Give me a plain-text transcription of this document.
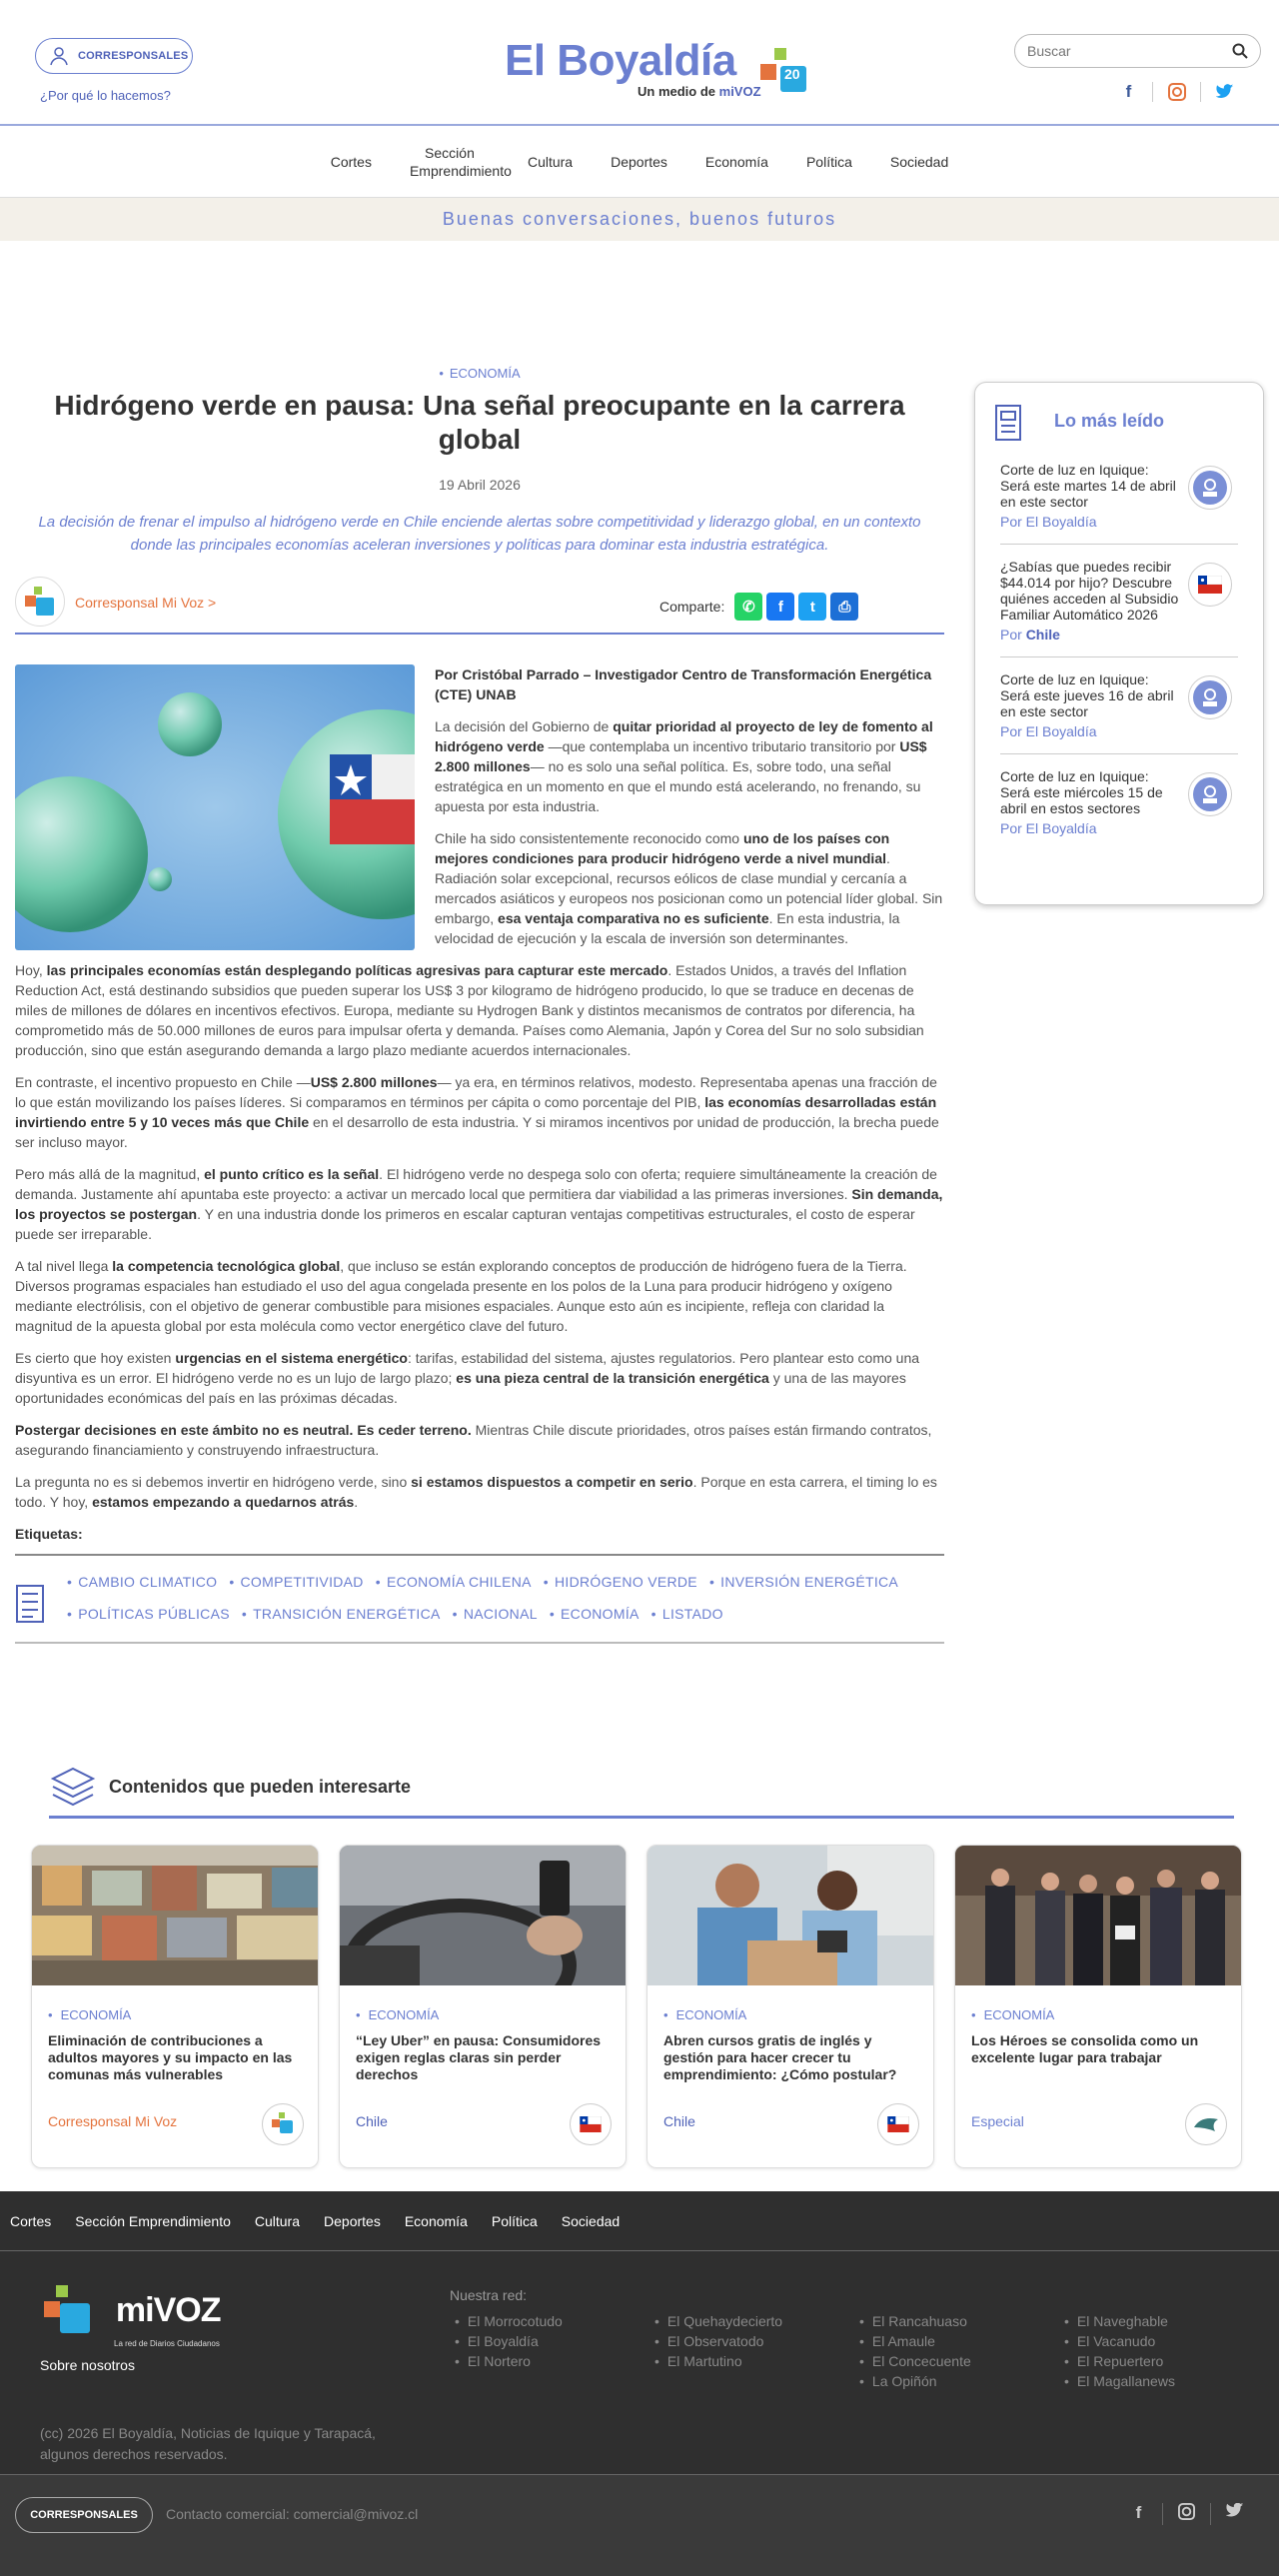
CORRESPONSALES
¿Por qué lo hacemos?
El Boyaldía
Un medio de miVOZ
20
Buscar
f
Cortes
Sección
Emprendimiento
Cultura	Deportes	Economía	Política	Sociedad
Buenas conversaciones, buenos futuros
• ECONOMÍA
Hidrógeno verde en pausa: Una señal preocupante en la carrera global
19 Abril 2026
La decisión de frenar el impulso al hidrógeno verde en Chile enciende alertas sobre competitividad y liderazgo global, en un contexto donde las principales economías aceleran inversiones y políticas para dominar esta industria estratégica.
Corresponsal Mi Voz >	Comparte:	✆	f	t	⎙

Por Cristóbal Parrado – Investigador Centro de Transformación Energética (CTE) UNAB

La decisión del Gobierno de quitar prioridad al proyecto de ley de fomento al hidrógeno verde —que contemplaba un incentivo tributario transitorio por US$ 2.800 millones— no es solo una señal política. Es, sobre todo, una señal estratégica en un momento en que el mundo está acelerando, no frenando, su apuesta por esta industria.

Chile ha sido consistentemente reconocido como uno de los países con mejores condiciones para producir hidrógeno verde a nivel mundial. Radiación solar excepcional, recursos eólicos de clase mundial y cercanía a mercados asiáticos y europeos nos posicionan como un potencial líder global. Sin embargo, esa ventaja comparativa no es suficiente. En esta industria, la velocidad de ejecución y la escala de inversión son determinantes.

Hoy, las principales economías están desplegando políticas agresivas para capturar este mercado. Estados Unidos, a través del Inflation Reduction Act, está destinando subsidios que pueden superar los US$ 3 por kilogramo de hidrógeno producido, lo que se traduce en decenas de miles de millones de dólares en incentivos efectivos. Europa, mediante su Hydrogen Bank y distintos mecanismos de contratos por diferencia, ha comprometido más de 50.000 millones de euros para impulsar oferta y demanda. Países como Alemania, Japón y Corea del Sur no solo subsidian producción, sino que están asegurando demanda a largo plazo mediante acuerdos internacionales.

En contraste, el incentivo propuesto en Chile —US$ 2.800 millones— ya era, en términos relativos, modesto. Representaba apenas una fracción de lo que están movilizando los países líderes. Si comparamos en términos per cápita o como porcentaje del PIB, las economías desarrolladas están invirtiendo entre 5 y 10 veces más que Chile en el desarrollo de esta industria. Y si miramos incentivos por unidad de producción, la brecha puede ser incluso mayor.

Pero más allá de la magnitud, el punto crítico es la señal. El hidrógeno verde no despega solo con oferta; requiere simultáneamente la creación de demanda. Justamente ahí apuntaba este proyecto: a activar un mercado local que permitiera dar viabilidad a las primeras inversiones. Sin demanda, los proyectos se postergan. Y en una industria donde los primeros en escalar capturan ventajas competitivas estructurales, el costo de esperar puede ser irreparable.

A tal nivel llega la competencia tecnológica global, que incluso se están explorando conceptos de producción de hidrógeno fuera de la Tierra. Diversos programas espaciales han estudiado el uso del agua congelada presente en los polos de la Luna para producir hidrógeno y oxígeno mediante electrólisis, con el objetivo de generar combustible para misiones espaciales. Aunque esto aún es incipiente, refleja con claridad la magnitud de la apuesta global por esta molécula como vector energético clave del futuro.

Es cierto que hoy existen urgencias en el sistema energético: tarifas, estabilidad del sistema, ajustes regulatorios. Pero plantear esto como una disyuntiva es un error. El hidrógeno verde no es un lujo de largo plazo; es una pieza central de la transición energética y una de las mayores oportunidades económicas del país en las próximas décadas.

Postergar decisiones en este ámbito no es neutral. Es ceder terreno. Mientras Chile discute prioridades, otros países están firmando contratos, asegurando financiamiento y construyendo infraestructura.

La pregunta no es si debemos invertir en hidrógeno verde, sino si estamos dispuestos a competir en serio. Porque en esta carrera, el timing lo es todo. Y hoy, estamos empezando a quedarnos atrás.

Etiquetas:
• CAMBIO CLIMATICO	• COMPETITIVIDAD	• ECONOMÍA CHILENA	• HIDRÓGENO VERDE	• INVERSIÓN ENERGÉTICA
• POLÍTICAS PÚBLICAS	• TRANSICIÓN ENERGÉTICA	• NACIONAL	• ECONOMÍA	• LISTADO
Lo más leído
Corte de luz en Iquique: Será este martes 14 de abril en este sector
Por El Boyaldía
¿Sabías que puedes recibir $44.014 por hijo? Descubre quiénes acceden al Subsidio Familiar Automático 2026
Por Chile
Corte de luz en Iquique: Será este jueves 16 de abril en este sector
Por El Boyaldía
Corte de luz en Iquique: Será este miércoles 15 de abril en estos sectores
Por El Boyaldía
Contenidos que pueden interesarte
• ECONOMÍA
Eliminación de contribuciones a adultos mayores y su impacto en las comunas más vulnerables
Corresponsal Mi Voz
• ECONOMÍA
“Ley Uber” en pausa: Consumidores exigen reglas claras sin perder derechos
Chile
• ECONOMÍA
Abren cursos gratis de inglés y gestión para hacer crecer tu emprendimiento: ¿Cómo postular?
Chile
• ECONOMÍA
Los Héroes se consolida como un excelente lugar para trabajar
Especial
Cortes Sección Emprendimiento Cultura Deportes Economía Política Sociedad
miVOZ
La red de Diarios Ciudadanos
Sobre nosotros
Nuestra red:
• El Morrocotudo
• El Boyaldía
• El Nortero
• El Quehaydecierto
• El Observatodo
• El Martutino
• El Rancahuaso
• El Amaule
• El Concecuente
• La Opiñón
• El Naveghable
• El Vacanudo
• El Repuertero
• El Magallanews
(cc) 2026 El Boyaldía, Noticias de Iquique y Tarapacá, algunos derechos reservados.
CORRESPONSALES	Contacto comercial: comercial@mivoz.cl	f
